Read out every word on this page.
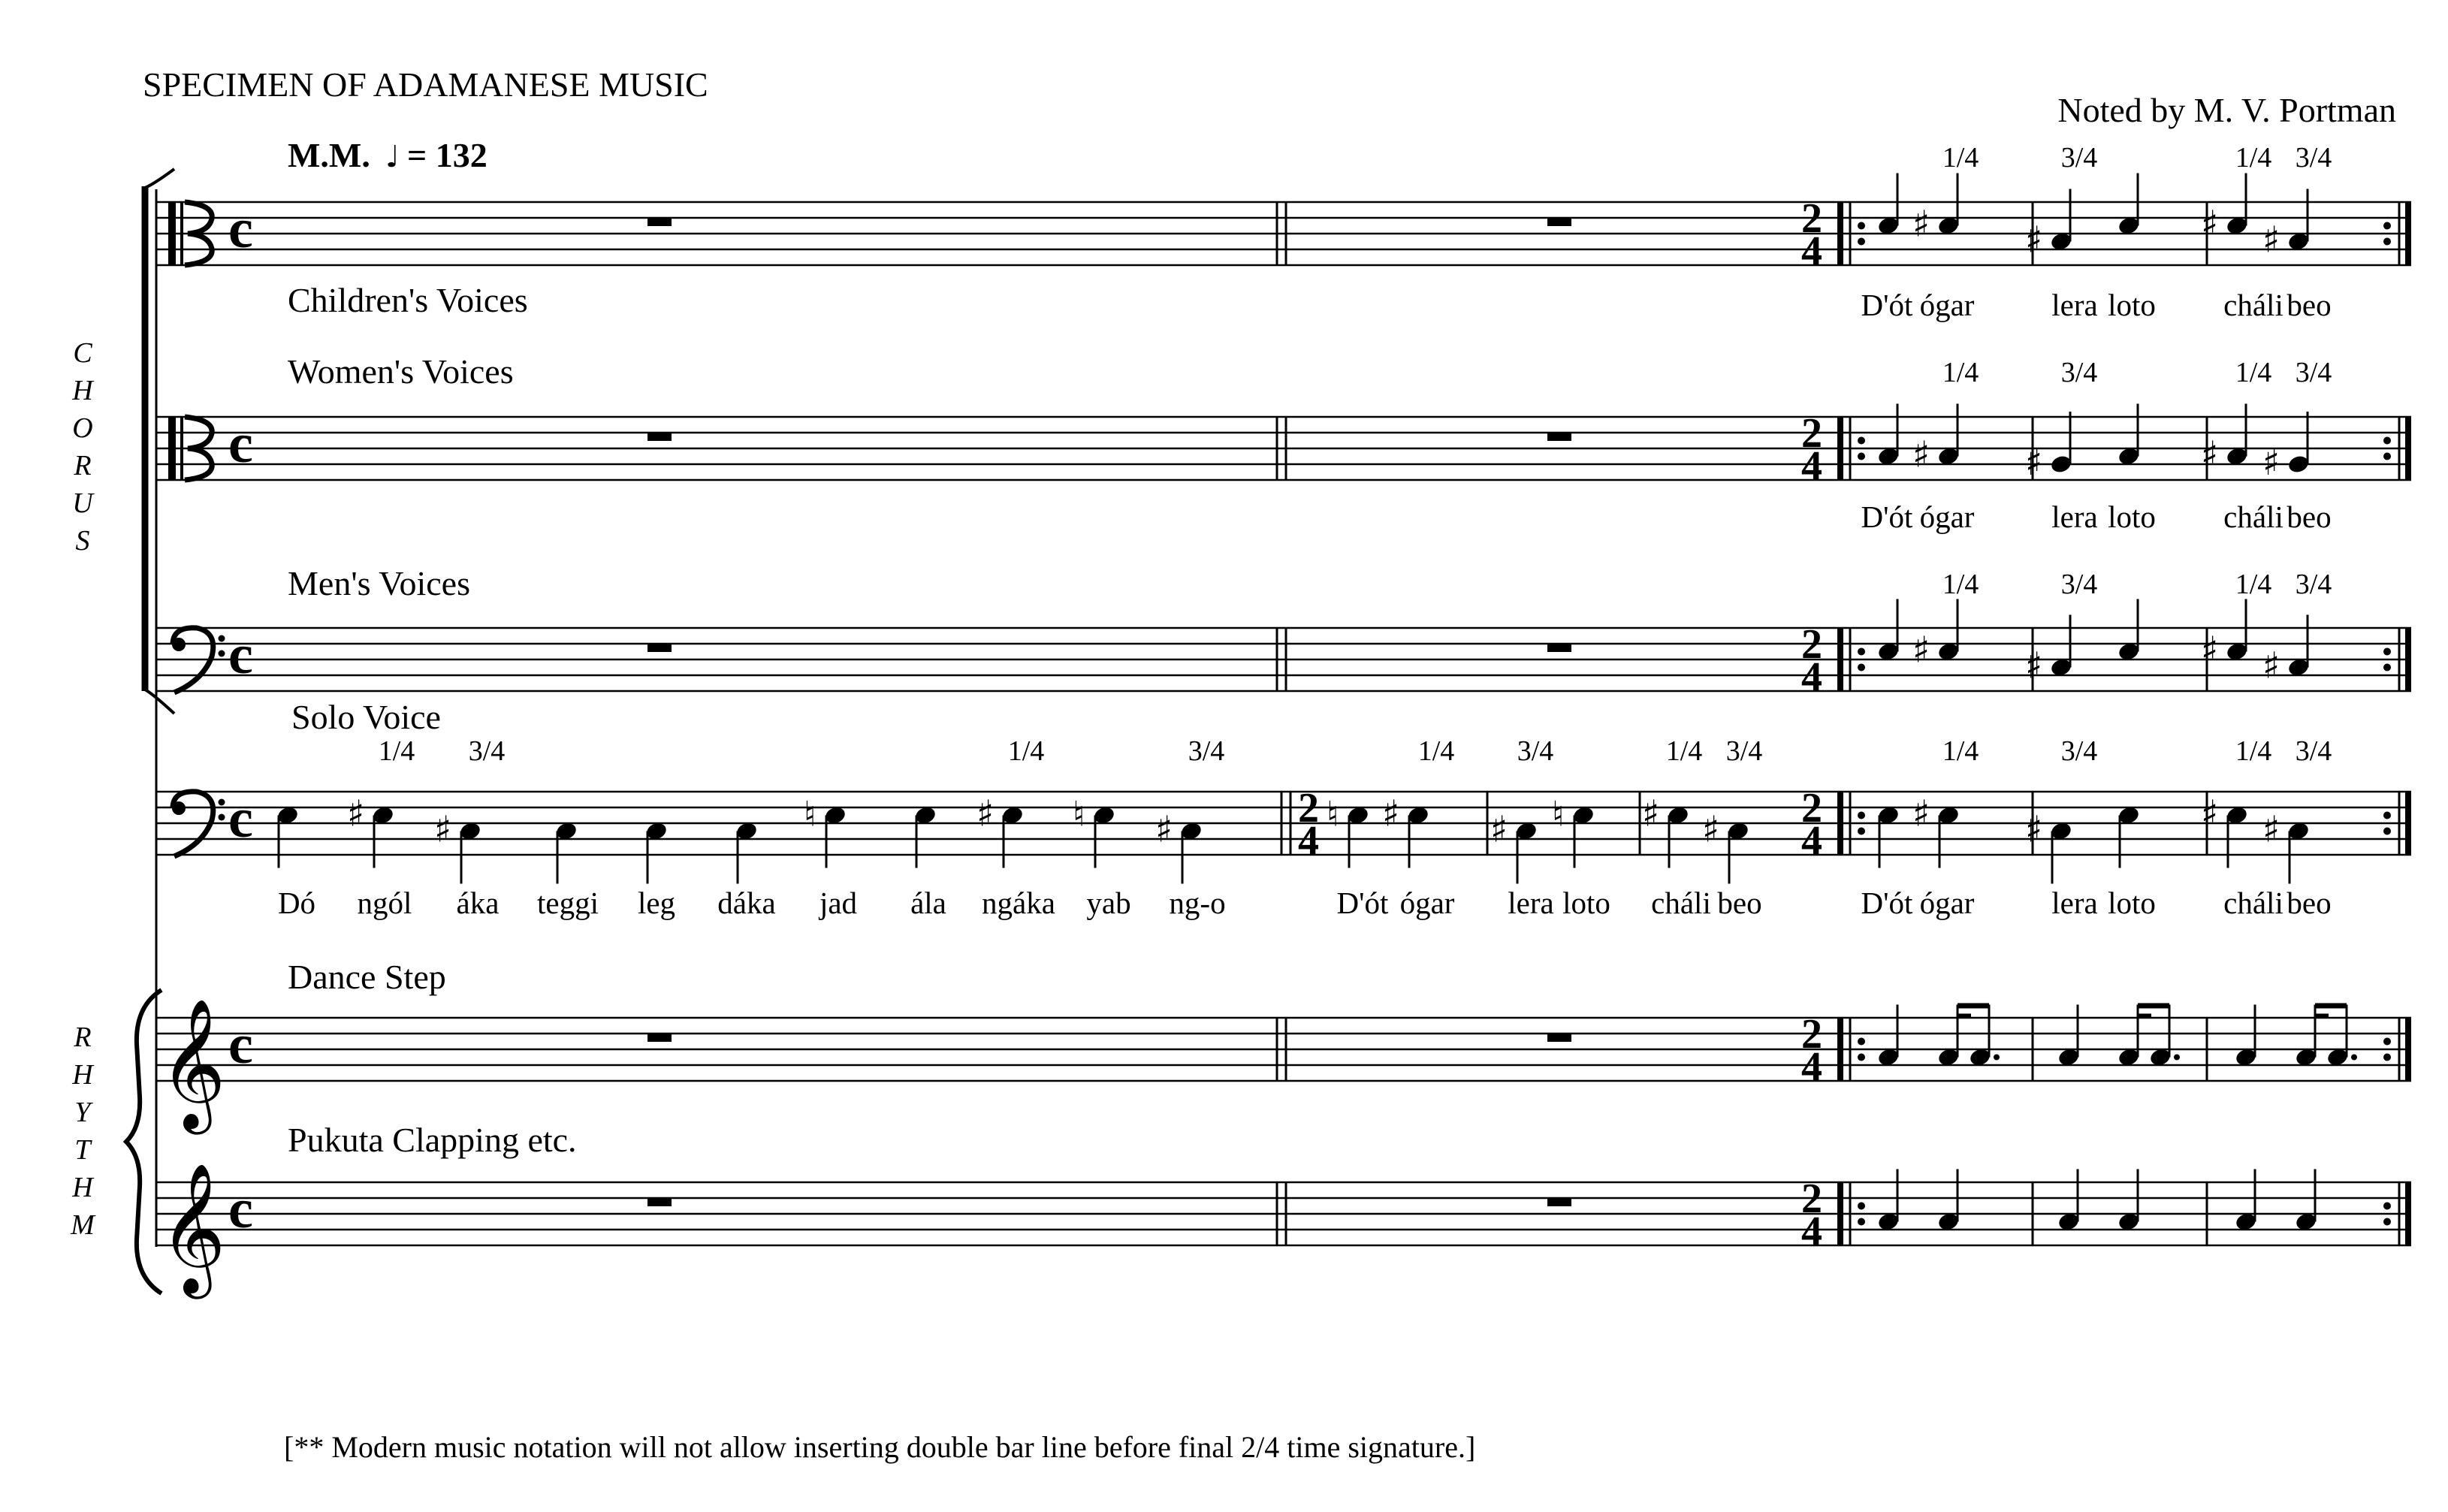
SPECIMEN OF ADAMANESE MUSIC
Noted by M. V. Portman
M.M. ♩ = 132
C
H
O
R
U
S
R
H
Y
T
H
M
Children's Voices
Women's Voices
Men's Voices
Solo Voice
Dance Step
Pukuta Clapping etc.
𝄞
𝄞
c	2
4
c	2
4
c	2
4
c	2
4
c	2
4
c	2
4
2
4
♯	♯	♯ ♯
♯	♯	♯ ♯
♯	♯	♯ ♯
♯	♯	♯ ♯
♯ ♯	♮	♯ ♮ ♯	♮ ♯	♯ ♮ ♯ ♯
1/4	3/4	1/4 3/4
1/4	3/4	1/4 3/4
1/4	3/4	1/4 3/4
1/4	3/4	1/4 3/4
1/4 3/4	1/4	3/4	1/4 3/4	1/4 3/4
D'ót ógar	lera loto cháli beo
D'ót ógar	lera loto cháli beo
D'ót ógar	lera loto cháli beo
D'ót ógar lera loto cháli beo
Dó ngól áka teggi leg dáka jad ála ngáka yab ng-o
[** Modern music notation will not allow inserting double bar line before final 2/4 time signature.]
